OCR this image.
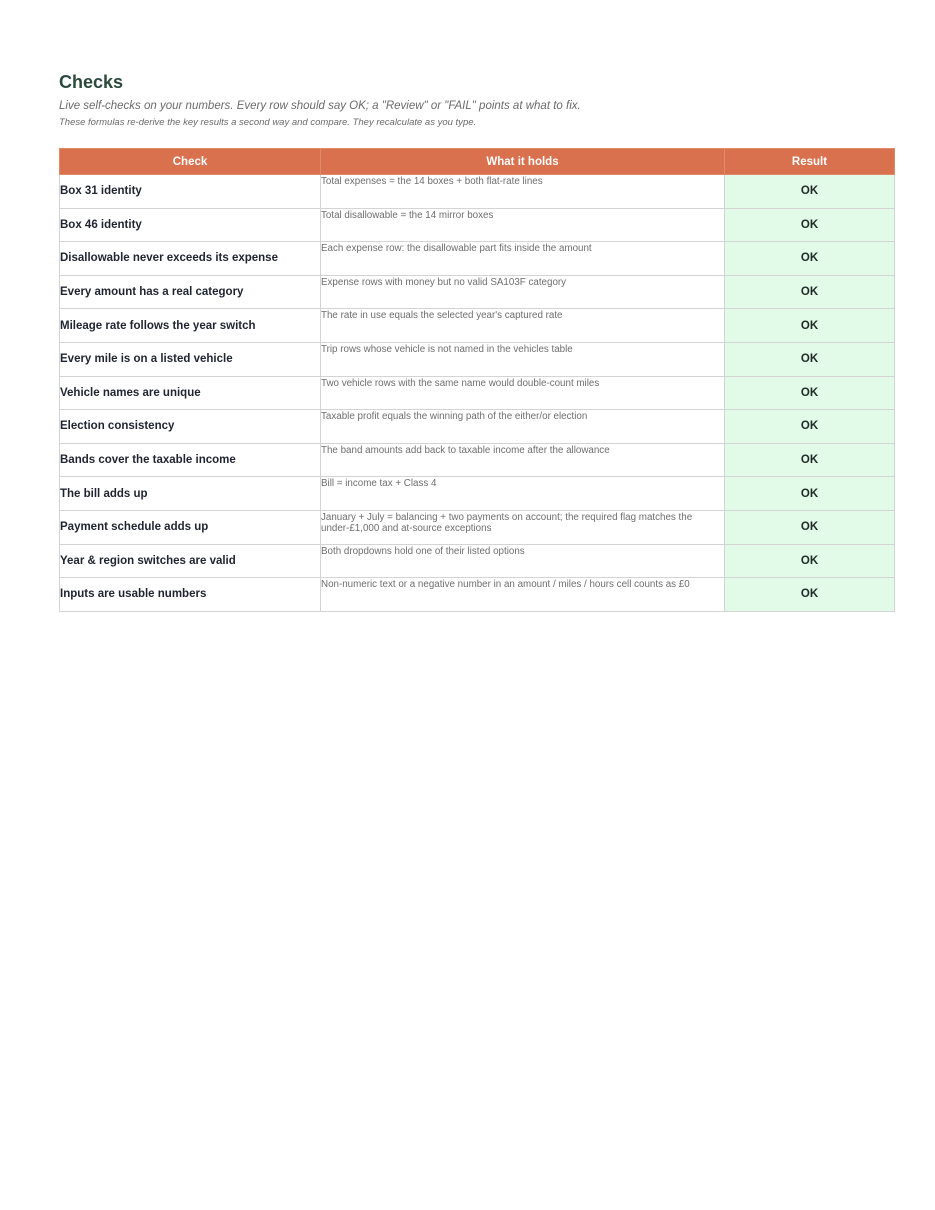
Checks
Live self-checks on your numbers. Every row should say OK; a "Review" or "FAIL" points at what to fix.
These formulas re-derive the key results a second way and compare. They recalculate as you type.
Check	What it holds	Result
Box 31 identity	Total expenses = the 14 boxes + both flat-rate lines	OK
Box 46 identity	Total disallowable = the 14 mirror boxes	OK
Disallowable never exceeds its expense	Each expense row: the disallowable part fits inside the amount	OK
Every amount has a real category	Expense rows with money but no valid SA103F category	OK
Mileage rate follows the year switch	The rate in use equals the selected year's captured rate	OK
Every mile is on a listed vehicle	Trip rows whose vehicle is not named in the vehicles table	OK
Vehicle names are unique	Two vehicle rows with the same name would double-count miles	OK
Election consistency	Taxable profit equals the winning path of the either/or election	OK
Bands cover the taxable income	The band amounts add back to taxable income after the allowance	OK
The bill adds up	Bill = income tax + Class 4	OK
Payment schedule adds up	January + July = balancing + two payments on account; the required flag matches the under-£1,000 and at-source exceptions	OK
Year & region switches are valid	Both dropdowns hold one of their listed options	OK
Inputs are usable numbers	Non-numeric text or a negative number in an amount / miles / hours cell counts as £0	OK
